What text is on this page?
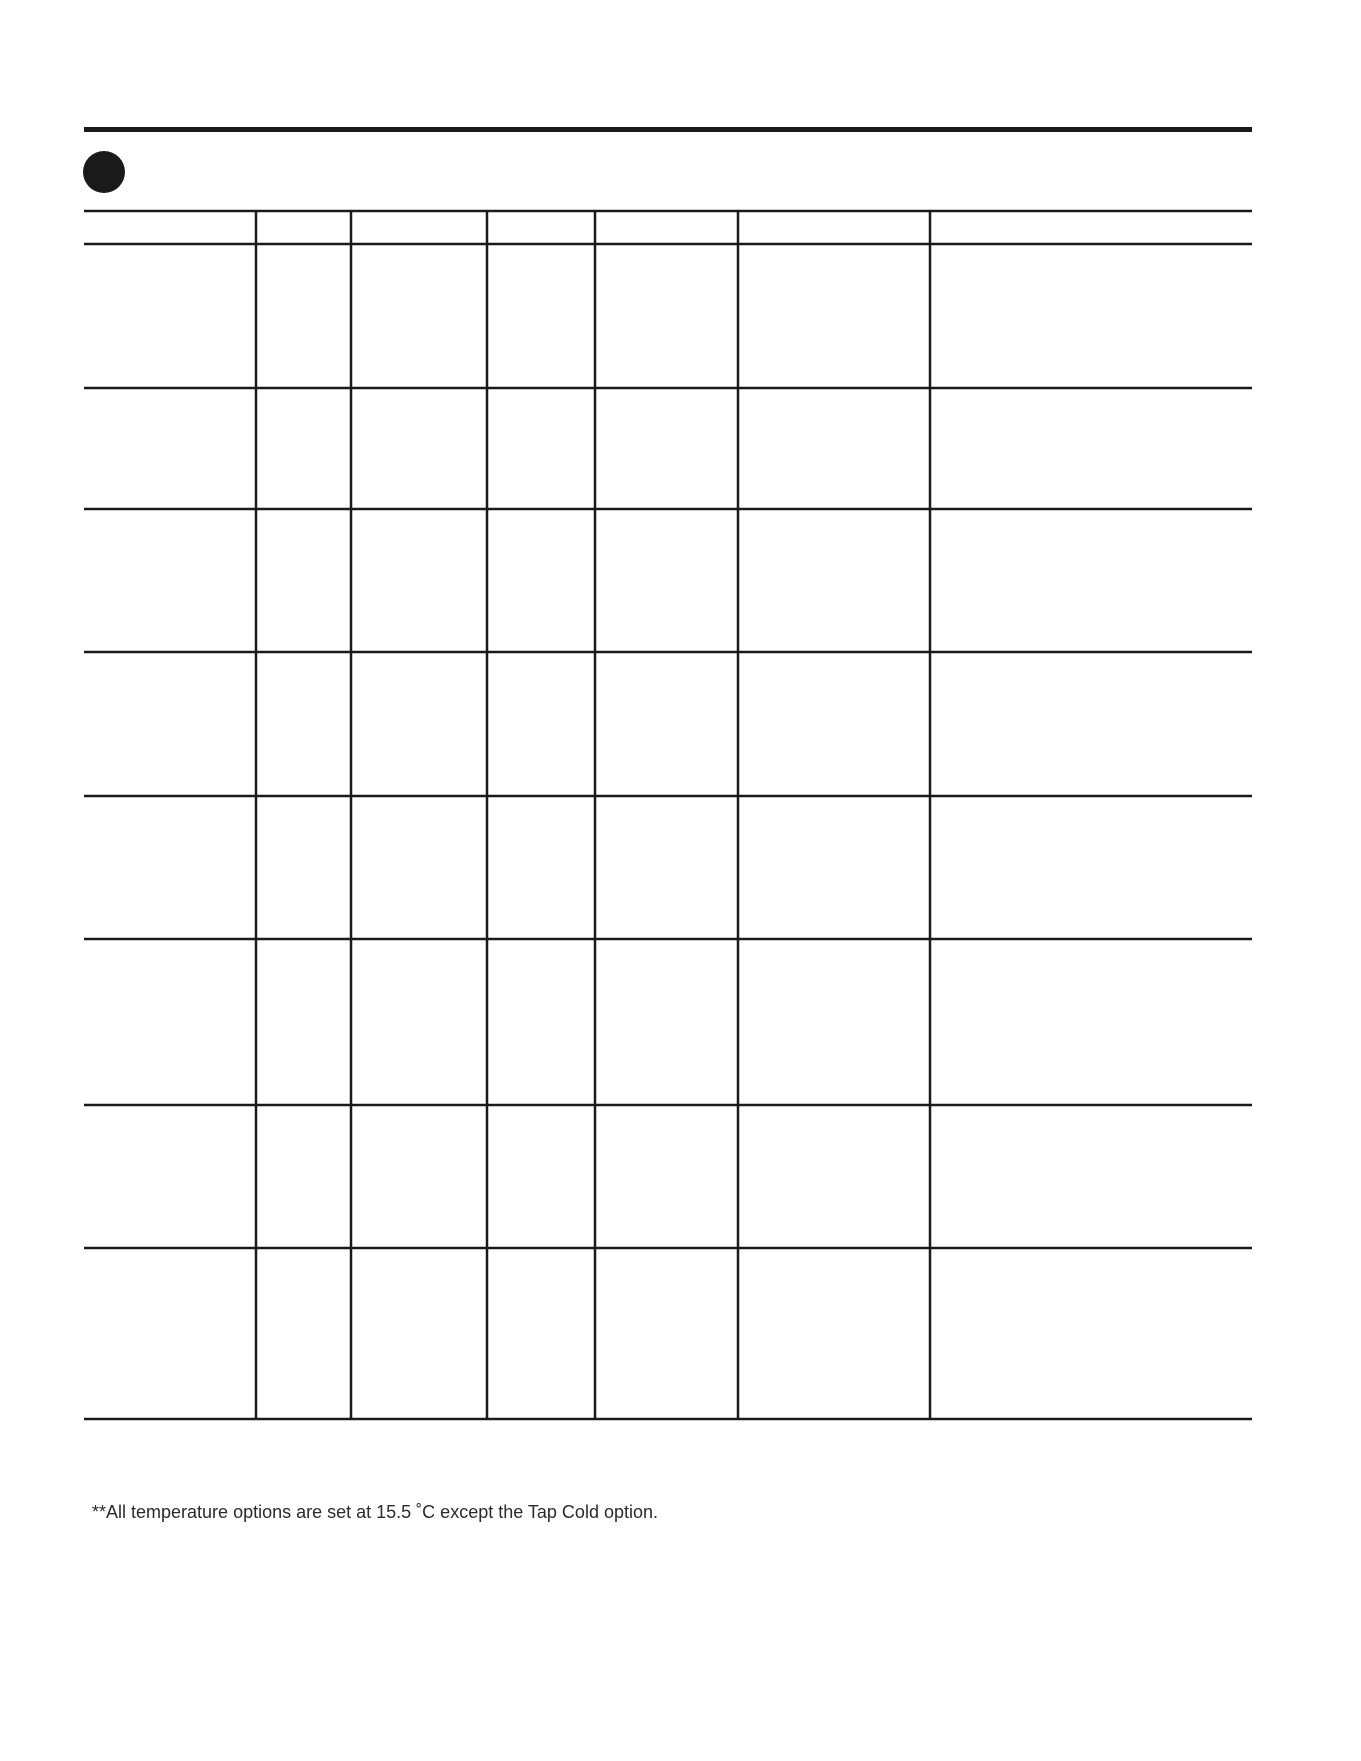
**All temperature options are set at 15.5 ˚C except the Tap Cold option.
